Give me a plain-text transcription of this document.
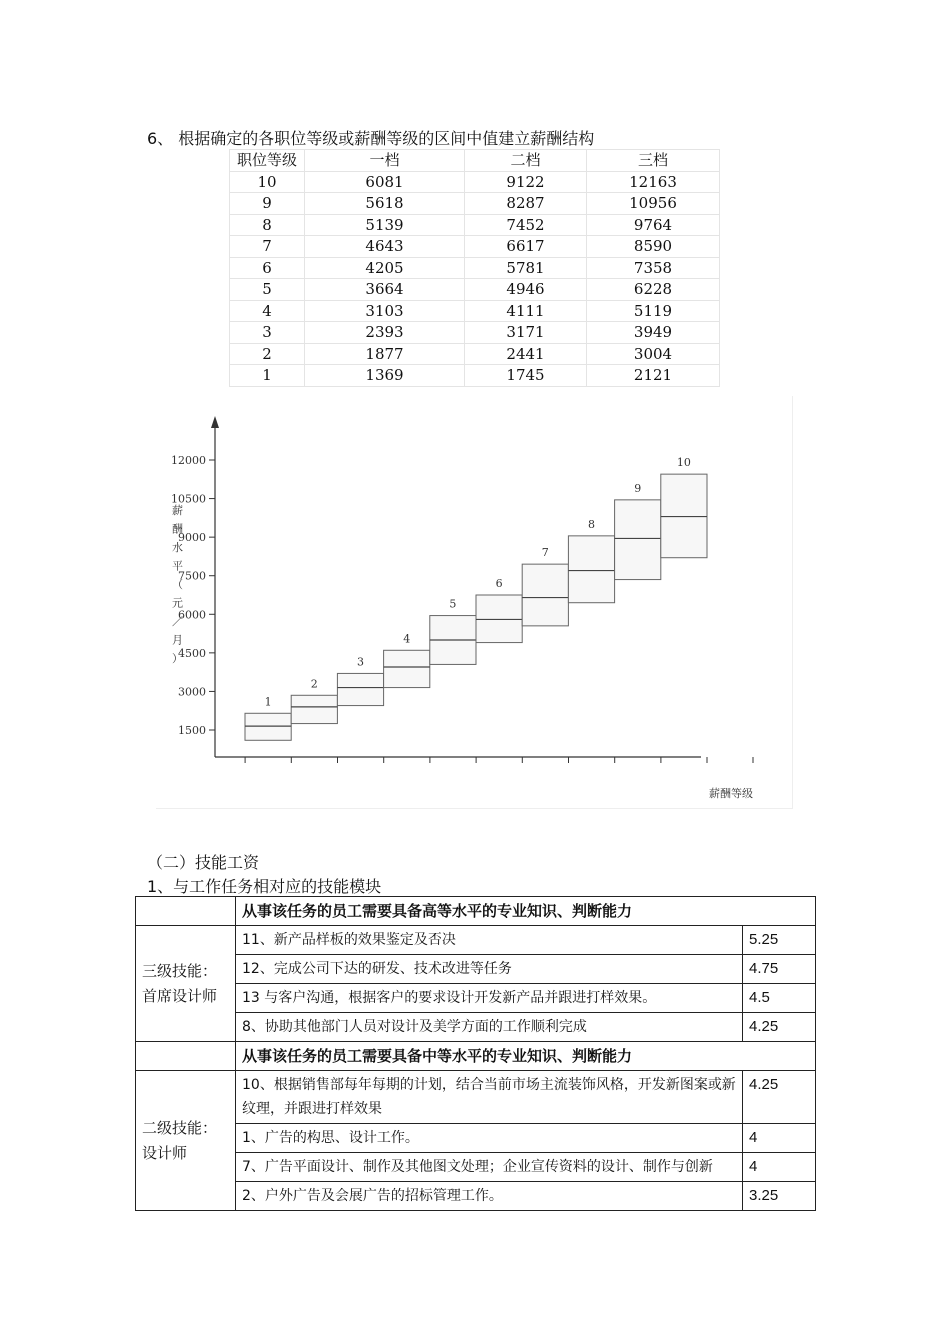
6、 根据确定的各职位等级或薪酬等级的区间中值建立薪酬结构
职位等级	一档	二档	三档
10	6081	9122	12163
9	5618	8287	10956
8	5139	7452	9764
7	4643	6617	8590
6	4205	5781	7358
5	3664	4946	6228
4	3103	4111	5119
3	2393	3171	3949
2	1877	2441	3004
1	1369	1745	2121
1500
3000
4500
6000
7500
9000
10500
12000
薪酬水平（元／月）
薪酬等级
1
2
3
4
5
6
7
8
9
10
（二）技能工资
1、与工作任务相对应的技能模块
	从事该任务的员工需要具备高等水平的专业知识、判断能力	
三级技能：首席设计师	11、新产品样板的效果鉴定及否决	5.25
	12、完成公司下达的研发、技术改进等任务	4.75
	13 与客户沟通，根据客户的要求设计开发新产品并跟进打样效果。	4.5
	8、协助其他部门人员对设计及美学方面的工作顺利完成	4.25
	从事该任务的员工需要具备中等水平的专业知识、判断能力	
二级技能：设计师	10、根据销售部每年每期的计划，结合当前市场主流装饰风格，开发新图案或新纹理，并跟进打样效果	4.25
	1、广告的构思、设计工作。	4
	7、广告平面设计、制作及其他图文处理；企业宣传资料的设计、制作与创新	4
	2、户外广告及会展广告的招标管理工作。	3.25
